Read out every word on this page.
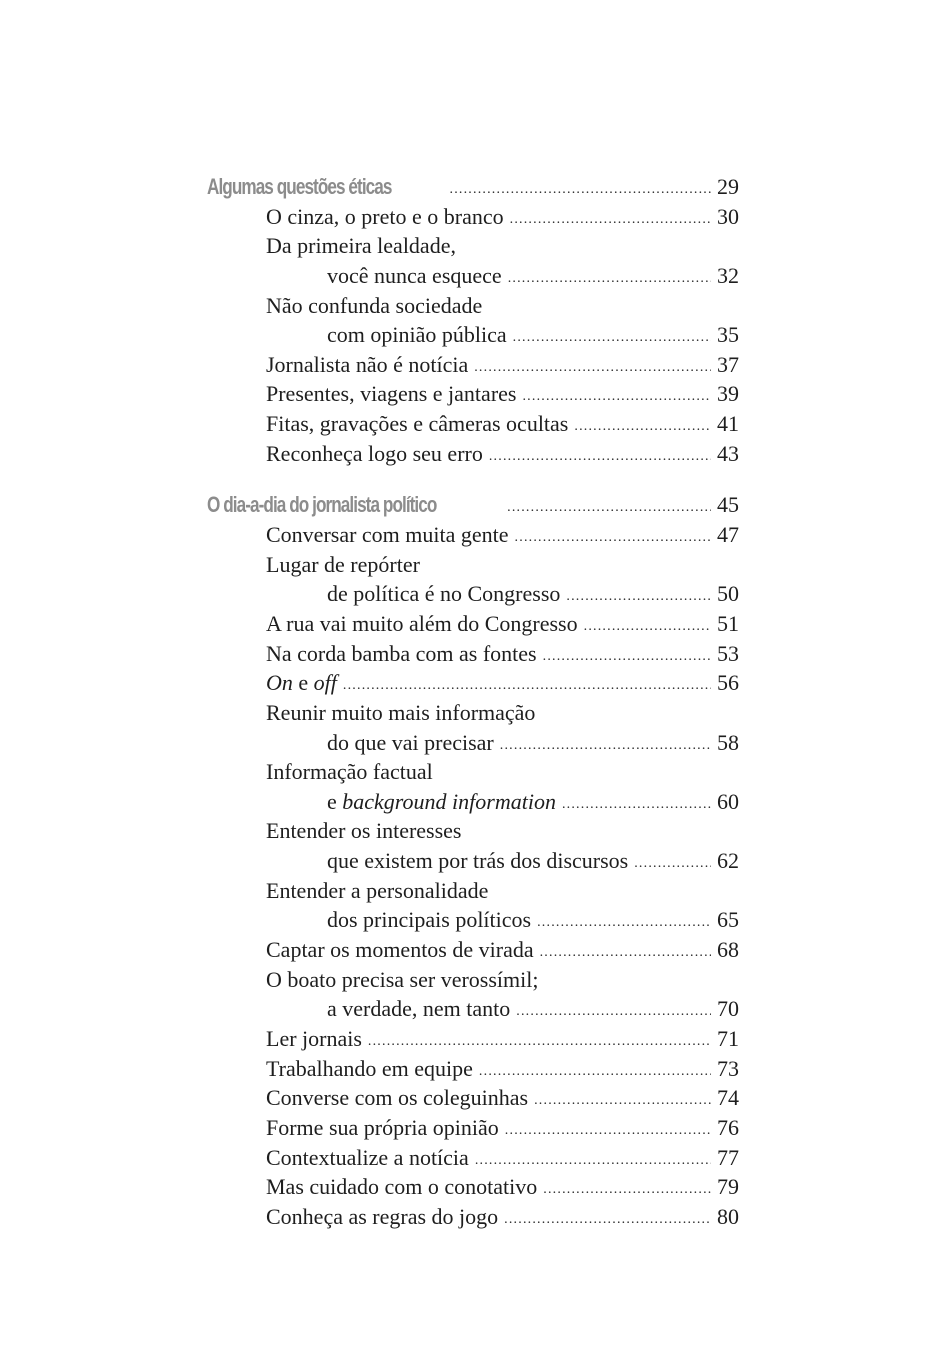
Algumas questões éticas .....	29
O cinza, o preto e o branco .....	30
Da primeira lealdade,
você nunca esquece .....	32
Não confunda sociedade
com opinião pública .....	35
Jornalista não é notícia .....	37
Presentes, viagens e jantares .....	39
Fitas, gravações e câmeras ocultas .....	41
Reconheça logo seu erro .....	43
O dia-a-dia do jornalista político .....	45
Conversar com muita gente .....	47
Lugar de repórter
de política é no Congresso .....	50
A rua vai muito além do Congresso .....	51
Na corda bamba com as fontes .....	53
On e off .....	56
Reunir muito mais informação
do que vai precisar .....	58
Informação factual
e background information .....	60
Entender os interesses
que existem por trás dos discursos .....	62
Entender a personalidade
dos principais políticos .....	65
Captar os momentos de virada .....	68
O boato precisa ser verossímil;
a verdade, nem tanto .....	70
Ler jornais .....	71
Trabalhando em equipe .....	73
Converse com os coleguinhas .....	74
Forme sua própria opinião .....	76
Contextualize a notícia .....	77
Mas cuidado com o conotativo .....	79
Conheça as regras do jogo .....	80
